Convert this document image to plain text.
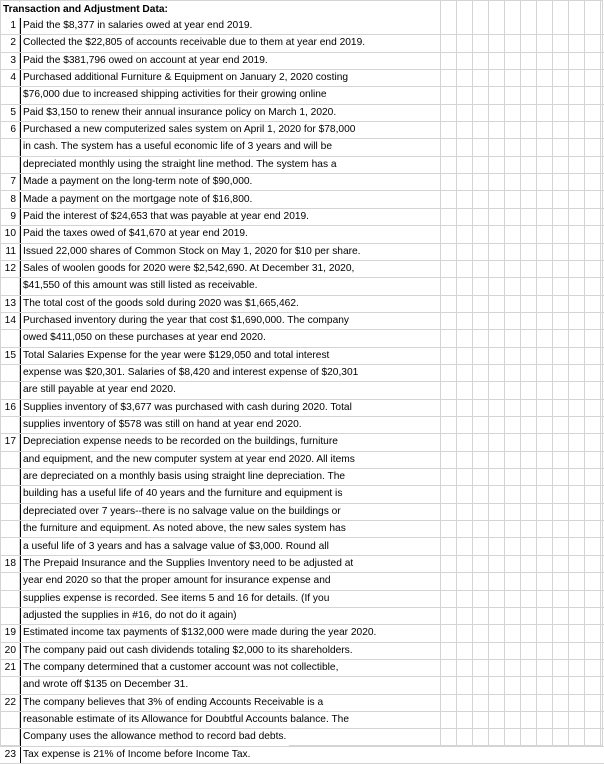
Transaction and Adjustment Data:
1 Paid the $8,377 in salaries owed at year end 2019.
2 Collected the $22,805 of accounts receivable due to them at year end 2019.
3 Paid the $381,796 owed on account at year end 2019.
4 Purchased additional Furniture & Equipment on January 2, 2020 costing
$76,000 due to increased shipping activities for their growing online
5 Paid $3,150 to renew their annual insurance policy on March 1, 2020.
6 Purchased a new computerized sales system on April 1, 2020 for $78,000
in cash. The system has a useful economic life of 3 years and will be
depreciated monthly using the straight line method. The system has a
7 Made a payment on the long-term note of $90,000.
8 Made a payment on the mortgage note of $16,800.
9 Paid the interest of $24,653 that was payable at year end 2019.
10 Paid the taxes owed of $41,670 at year end 2019.
11 Issued 22,000 shares of Common Stock on May 1, 2020 for $10 per share.
12 Sales of woolen goods for 2020 were $2,542,690. At December 31, 2020,
$41,550 of this amount was still listed as receivable.
13 The total cost of the goods sold during 2020 was $1,665,462.
14 Purchased inventory during the year that cost $1,690,000. The company
owed $411,050 on these purchases at year end 2020.
15 Total Salaries Expense for the year were $129,050 and total interest
expense was $20,301. Salaries of $8,420 and interest expense of $20,301
are still payable at year end 2020.
16 Supplies inventory of $3,677 was purchased with cash during 2020. Total
supplies inventory of $578 was still on hand at year end 2020.
17 Depreciation expense needs to be recorded on the buildings, furniture
and equipment, and the new computer system at year end 2020. All items
are depreciated on a monthly basis using straight line depreciation. The
building has a useful life of 40 years and the furniture and equipment is
depreciated over 7 years--there is no salvage value on the buildings or
the furniture and equipment. As noted above, the new sales system has
a useful life of 3 years and has a salvage value of $3,000. Round all
18 The Prepaid Insurance and the Supplies Inventory need to be adjusted at
year end 2020 so that the proper amount for insurance expense and
supplies expense is recorded. See items 5 and 16 for details. (If you
adjusted the supplies in #16, do not do it again)
19 Estimated income tax payments of $132,000 were made during the year 2020.
20 The company paid out cash dividends totaling $2,000 to its shareholders.
21 The company determined that a customer account was not collectible,
and wrote off $135 on December 31.
22 The company believes that 3% of ending Accounts Receivable is a
reasonable estimate of its Allowance for Doubtful Accounts balance. The
Company uses the allowance method to record bad debts.
23 Tax expense is 21% of Income before Income Tax.
